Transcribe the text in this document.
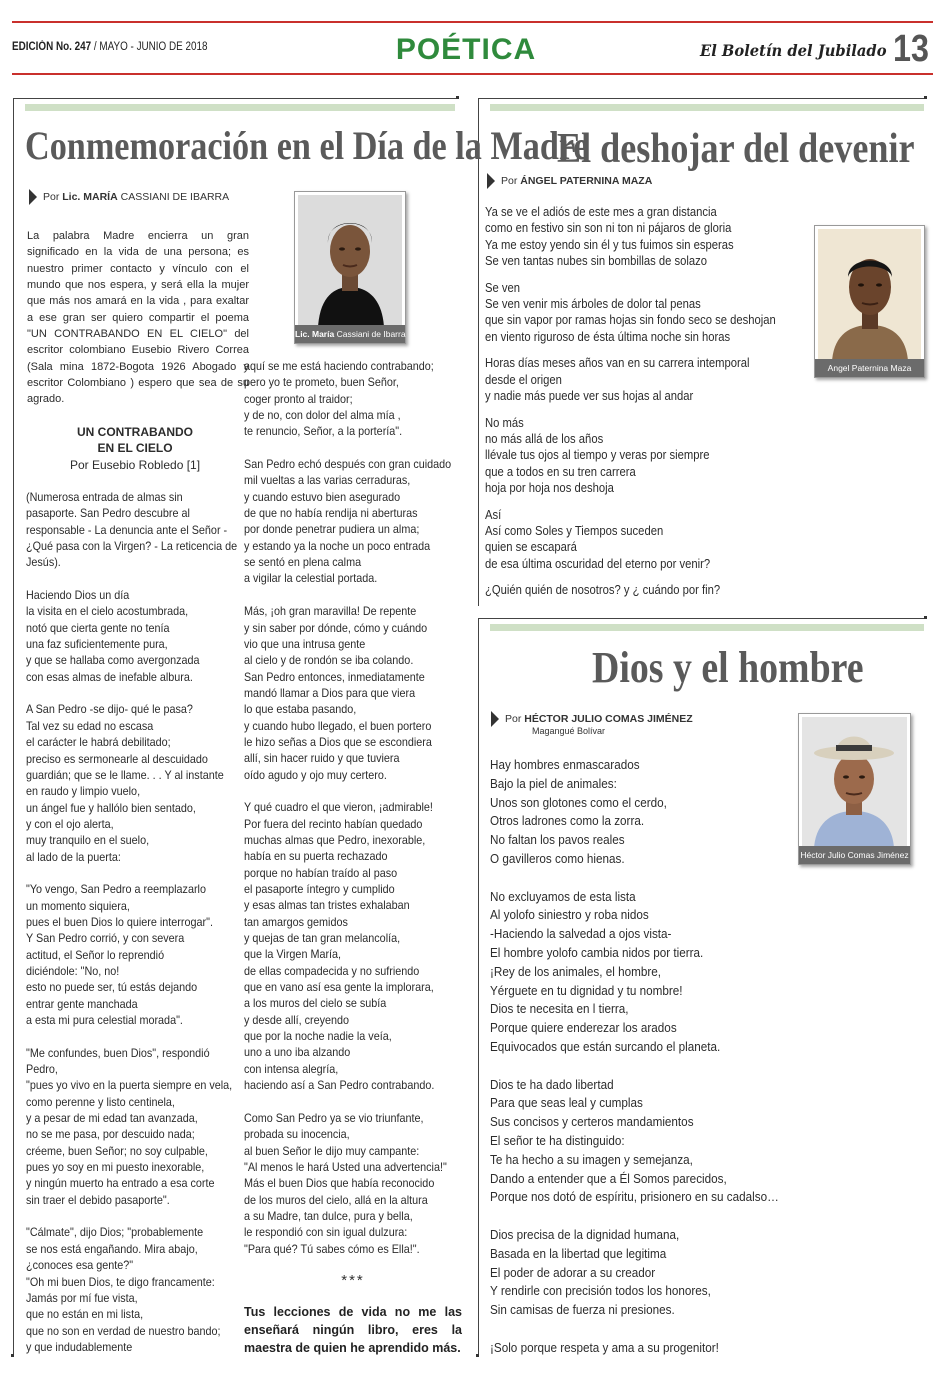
EDICIÓN No. 247 / MAYO - JUNIO DE 2018	POÉTICA	El Boletín del Jubilado 13
Conmemoración en el Día de la Madre
Por Lic. MARÍA CASSIANI DE IBARRA
Lic. María Cassiani de Ibarra
La palabra Madre encierra un gran
significado en la vida de una persona; es
nuestro primer contacto y vínculo con el
mundo que nos espera, y será ella la mujer
que más nos amará en la vida , para exaltar
a ese gran ser quiero compartir el poema
"UN CONTRABANDO EN EL CIELO" del
escritor colombiano Eusebio Rivero Correa
(Sala mina 1872-Bogota 1926 Abogado y
escritor Colombiano ) espero que sea de su
agrado.
UN CONTRABANDO
EN EL CIELO
Por Eusebio Robledo [1]
(Numerosa entrada de almas sin
pasaporte. San Pedro descubre al
responsable - La denuncia ante el Señor -
¿Qué pasa con la Virgen? - La reticencia de
Jesús).
Haciendo Dios un día
la visita en el cielo acostumbrada,
notó que cierta gente no tenía
una faz suficientemente pura,
y que se hallaba como avergonzada
con esas almas de inefable albura.
A San Pedro -se dijo- qué le pasa?
Tal vez su edad no escasa
el carácter le habrá debilitado;
preciso es sermonearle al descuidado
guardián; que se le llame. . . Y al instante
en raudo y limpio vuelo,
un ángel fue y hallólo bien sentado,
y con el ojo alerta,
muy tranquilo en el suelo,
al lado de la puerta:
"Yo vengo, San Pedro a reemplazarlo
un momento siquiera,
pues el buen Dios lo quiere interrogar".
Y San Pedro corrió, y con severa
actitud, el Señor lo reprendió
diciéndole: "No, no!
esto no puede ser, tú estás dejando
entrar gente manchada
a esta mi pura celestial morada".
"Me confundes, buen Dios", respondió
Pedro,
"pues yo vivo en la puerta siempre en vela,
como perenne y listo centinela,
y a pesar de mi edad tan avanzada,
no se me pasa, por descuido nada;
créeme, buen Señor; no soy culpable,
pues yo soy en mi puesto inexorable,
y ningún muerto ha entrado a esa corte
sin traer el debido pasaporte".
"Cálmate", dijo Dios; "probablemente
se nos está engañando. Mira abajo,
¿conoces esa gente?"
"Oh mi buen Dios, te digo francamente:
Jamás por mí fue vista,
que no están en mi lista,
que no son en verdad de nuestro bando;
y que indudablemente
aquí se me está haciendo contrabando;
pero yo te prometo, buen Señor,
coger pronto al traidor;
y de no, con dolor del alma mía ,
te renuncio, Señor, a la portería".
San Pedro echó después con gran cuidado
mil vueltas a las varias cerraduras,
y cuando estuvo bien asegurado
de que no había rendija ni aberturas
por donde penetrar pudiera un alma;
y estando ya la noche un poco entrada
se sentó en plena calma
a vigilar la celestial portada.
Más, ¡oh gran maravilla! De repente
y sin saber por dónde, cómo y cuándo
vio que una intrusa gente
al cielo y de rondón se iba colando.
San Pedro entonces, inmediatamente
mandó llamar a Dios para que viera
lo que estaba pasando,
y cuando hubo llegado, el buen portero
le hizo señas a Dios que se escondiera
allí, sin hacer ruido y que tuviera
oído agudo y ojo muy certero.
Y qué cuadro el que vieron, ¡admirable!
Por fuera del recinto habían quedado
muchas almas que Pedro, inexorable,
había en su puerta rechazado
porque no habían traído al paso
el pasaporte íntegro y cumplido
y esas almas tan tristes exhalaban
tan amargos gemidos
y quejas de tan gran melancolía,
que la Virgen María,
de ellas compadecida y no sufriendo
que en vano así esa gente la implorara,
a los muros del cielo se subía
y desde allí, creyendo
que por la noche nadie la veía,
uno a uno iba alzando
con intensa alegría,
haciendo así a San Pedro contrabando.
Como San Pedro ya se vio triunfante,
probada su inocencia,
al buen Señor le dijo muy campante:
"Al menos le hará Usted una advertencia!"
Más el buen Dios que había reconocido
de los muros del cielo, allá en la altura
a su Madre, tan dulce, pura y bella,
le respondió con sin igual dulzura:
"Para qué? Tú sabes cómo es Ella!".
***
Tus lecciones de vida no me las
enseñará ningún libro, eres la
maestra de quien he aprendido más.
El deshojar del devenir
Por ÁNGEL PATERNINA MAZA
Angel Paternina Maza
Ya se ve el adiós de este mes a gran distancia
como en festivo sin son ni ton ni pájaros de gloria
Ya me estoy yendo sin él y tus fuimos sin esperas
Se ven tantas nubes sin bombillas de solazo
Se ven
Se ven venir mis árboles de dolor tal penas
que sin vapor por ramas hojas sin fondo seco se deshojan
en viento riguroso de ésta última noche sin horas
Horas días meses años van en su carrera intemporal
desde el origen
y nadie más puede ver sus hojas al andar
No más
no más allá de los años
llévale tus ojos al tiempo y veras por siempre
que a todos en su tren carrera
hoja por hoja nos deshoja
Así
Así como Soles y Tiempos suceden
quien se escapará
de esa última oscuridad del eterno por venir?
¿Quién quién de nosotros? y ¿ cuándo por fin?
Dios y el hombre
Por HÉCTOR JULIO COMAS JIMÉNEZ
Magangué Bolívar
Héctor Julio Comas Jiménez
Hay hombres enmascarados
Bajo la piel de animales:
Unos son glotones como el cerdo,
Otros ladrones como la zorra.
No faltan los pavos reales
O gavilleros como hienas.
No excluyamos de esta lista
Al yolofo siniestro y roba nidos
-Haciendo la salvedad a ojos vista-
El hombre yolofo cambia nidos por tierra.
¡Rey de los animales, el hombre,
Yérguete en tu dignidad y tu nombre!
Dios te necesita en l tierra,
Porque quiere enderezar los arados
Equivocados que están surcando el planeta.
Dios te ha dado libertad
Para que seas leal y cumplas
Sus concisos y certeros mandamientos
El señor te ha distinguido:
Te ha hecho a su imagen y semejanza,
Dando a entender que a Él Somos parecidos,
Porque nos dotó de espíritu, prisionero en su cadalso…
Dios precisa de la dignidad humana,
Basada en la libertad que legitima
El poder de adorar a su creador
Y rendirle con precisión todos los honores,
Sin camisas de fuerza ni presiones.
¡Solo porque respeta y ama a su progenitor!
